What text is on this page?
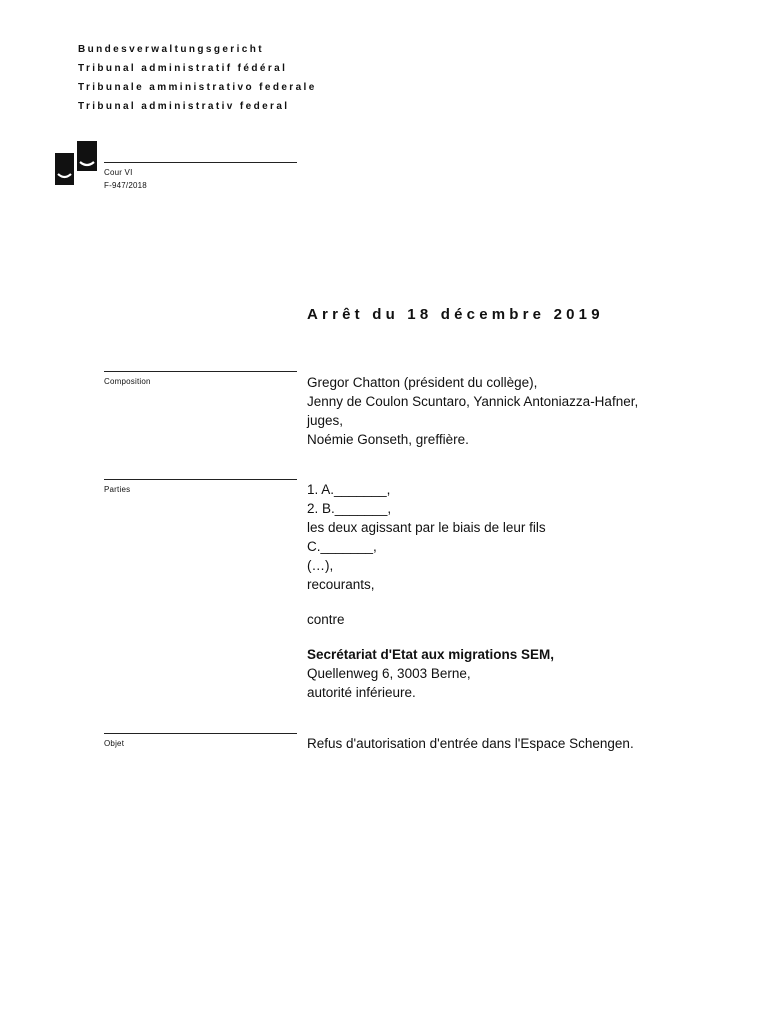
Bundesverwaltungsgericht
Tribunal administratif fédéral
Tribunale amministrativo federale
Tribunal administrativ federal
Cour VI
F-947/2018
Arrêt du 18 décembre 2019
Composition	Gregor Chatton (président du collège),
Jenny de Coulon Scuntaro, Yannick Antoniazza-Hafner,
juges,
Noémie Gonseth, greffière.
Parties	1. A._______,
2. B._______,
les deux agissant par le biais de leur fils
C._______,
(…),
recourants,
contre
Secrétariat d'Etat aux migrations SEM,
Quellenweg 6, 3003 Berne,
autorité inférieure.
Objet	Refus d'autorisation d'entrée dans l'Espace Schengen.
